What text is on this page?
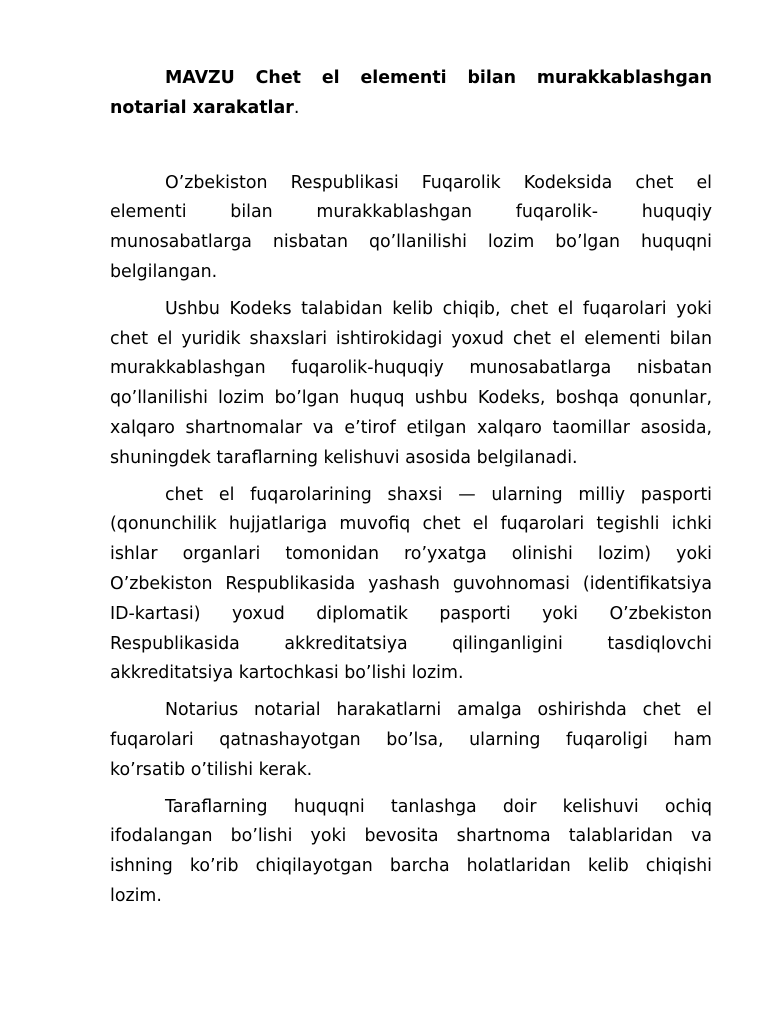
MAVZU Chet el elementi bilan murakkablashgan
notarial xarakatlar.
O’zbekiston Respublikasi Fuqarolik Kodeksida chet el
elementi bilan murakkablashgan fuqarolik- huquqiy
munosabatlarga nisbatan qo’llanilishi lozim bo’lgan huquqni
belgilangan.
Ushbu Kodeks talabidan kelib chiqib, chet el fuqarolari yoki
chet el yuridik shaxslari ishtirokidagi yoxud chet el elementi bilan
murakkablashgan fuqarolik-huquqiy munosabatlarga nisbatan
qo’llanilishi lozim bo’lgan huquq ushbu Kodeks, boshqa qonunlar,
xalqaro shartnomalar va e’tirof etilgan xalqaro taomillar asosida,
shuningdek taraflarning kelishuvi asosida belgilanadi.
chet el fuqarolarining shaxsi — ularning milliy pasporti
(qonunchilik hujjatlariga muvofiq chet el fuqarolari tegishli ichki
ishlar organlari tomonidan ro’yxatga olinishi lozim) yoki
O’zbekiston Respublikasida yashash guvohnomasi (identifikatsiya
ID-kartasi) yoxud diplomatik pasporti yoki O’zbekiston
Respublikasida akkreditatsiya qilinganligini tasdiqlovchi
akkreditatsiya kartochkasi bo’lishi lozim.
Notarius notarial harakatlarni amalga oshirishda chet el
fuqarolari qatnashayotgan bo’lsa, ularning fuqaroligi ham
ko’rsatib o’tilishi kerak.
Taraflarning huquqni tanlashga doir kelishuvi ochiq
ifodalangan bo’lishi yoki bevosita shartnoma talablaridan va
ishning ko’rib chiqilayotgan barcha holatlaridan kelib chiqishi
lozim.
